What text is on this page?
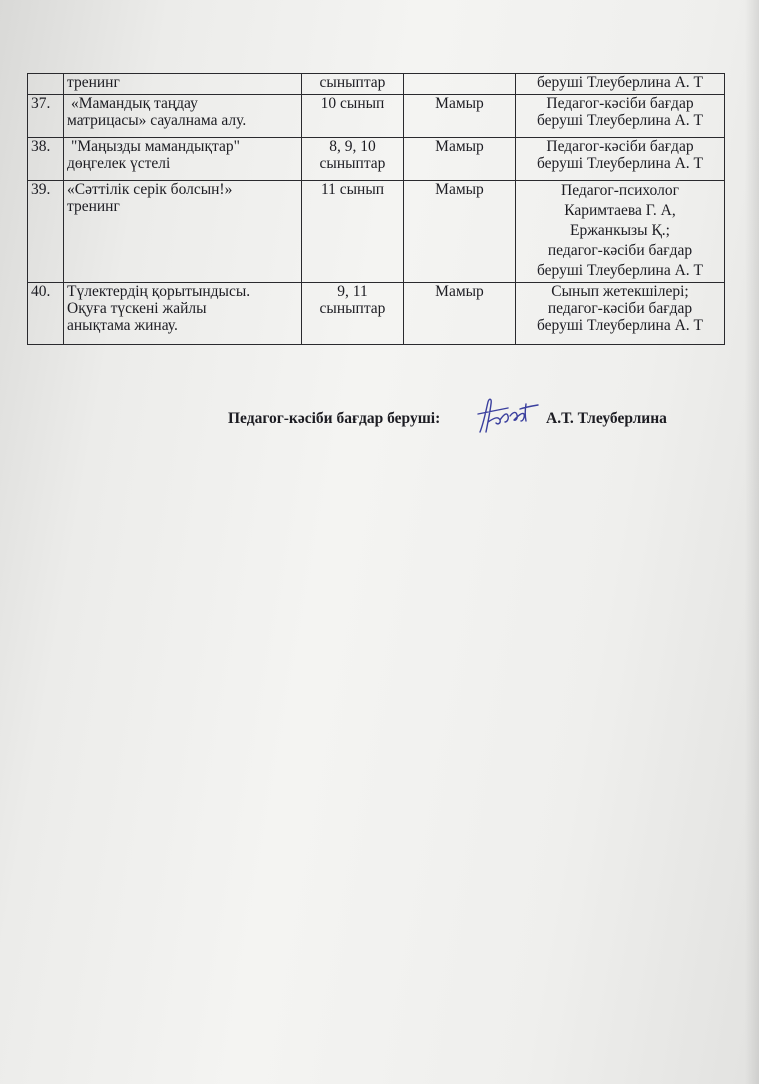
	тренинг	сыныптар		беруші Тлеуберлина А. Т

37.	«Мамандық таңдау
матрицасы» сауалнама алу.	10 сынып	Мамыр	Педагог-кәсіби бағдар
беруші Тлеуберлина А. Т

38.	"Маңызды мамандықтар"
дөңгелек үстелі	8, 9, 10
сыныптар	Мамыр	Педагог-кәсіби бағдар
беруші Тлеуберлина А. Т

39.	«Сәттілік серік болсын!»
тренинг	11 сынып	Мамыр	Педагог-психолог
Каримтаева Г. А,
Ержанкызы Қ.;
педагог-кәсіби бағдар
беруші Тлеуберлина А. Т

40.	Түлектердің қорытындысы.
Оқуға түскені жайлы
анықтама жинау.	9, 11
сыныптар	Мамыр	Сынып жетекшілері;
педагог-кәсіби бағдар
беруші Тлеуберлина А. Т
Педагог-кәсіби бағдар беруші:	А.Т. Тлеуберлина
